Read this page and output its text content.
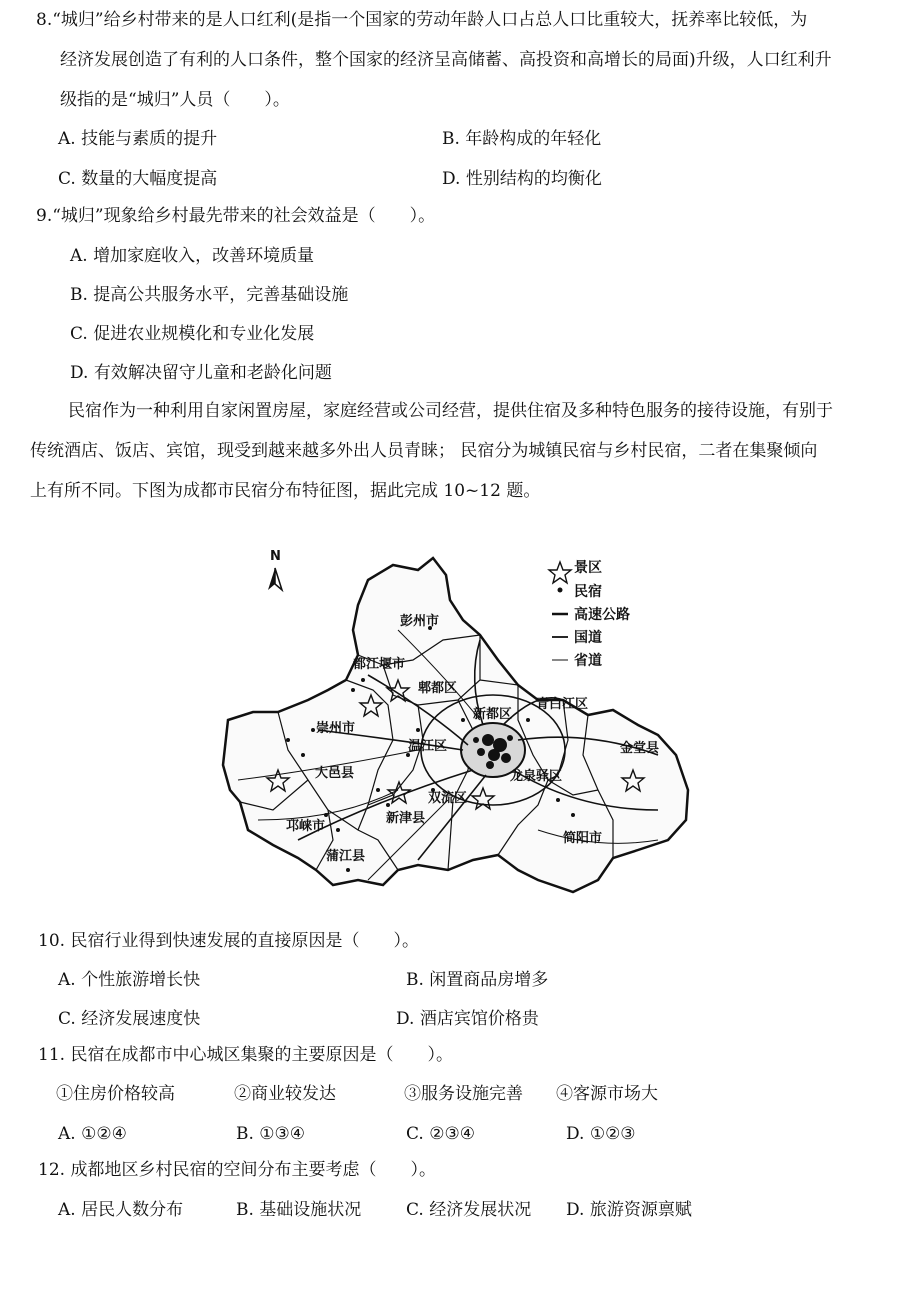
8.“城归”给乡村带来的是人口红利(是指一个国家的劳动年龄人口占总人口比重较大，抚养率比较低，为
经济发展创造了有利的人口条件，整个国家的经济呈高储蓄、高投资和高增长的局面)升级，人口红利升
级指的是“城归”人员（　　）。
A. 技能与素质的提升	B. 年龄构成的年轻化
C. 数量的大幅度提高	D. 性别结构的均衡化
9.“城归”现象给乡村最先带来的社会效益是（　　）。
A. 增加家庭收入，改善环境质量
B. 提高公共服务水平，完善基础设施
C. 促进农业规模化和专业化发展
D. 有效解决留守儿童和老龄化问题
民宿作为一种利用自家闲置房屋，家庭经营或公司经营，提供住宿及多种特色服务的接待设施，有别于
传统酒店、饭店、宾馆，现受到越来越多外出人员青睐； 民宿分为城镇民宿与乡村民宿，二者在集聚倾向
上有所不同。下图为成都市民宿分布特征图，据此完成 10~12 题。
N
彭州市
都江堰市
郫都区
新都区
青白江区
崇州市
温江区
大邑县
双流区
龙泉驿区
金堂县
邛崃市
新津县
蒲江县
简阳市
景区
民宿
高速公路
国道
省道
10. 民宿行业得到快速发展的直接原因是（　　）。
A. 个性旅游增长快	B. 闲置商品房增多
C. 经济发展速度快	D. 酒店宾馆价格贵
11. 民宿在成都市中心城区集聚的主要原因是（　　）。
①住房价格较高	②商业较发达	③服务设施完善 ④客源市场大
A. ①②④	B. ①③④	C. ②③④	D. ①②③
12. 成都地区乡村民宿的空间分布主要考虑（　　）。
A. 居民人数分布	B. 基础设施状况	C. 经济发展状况 D. 旅游资源禀赋
